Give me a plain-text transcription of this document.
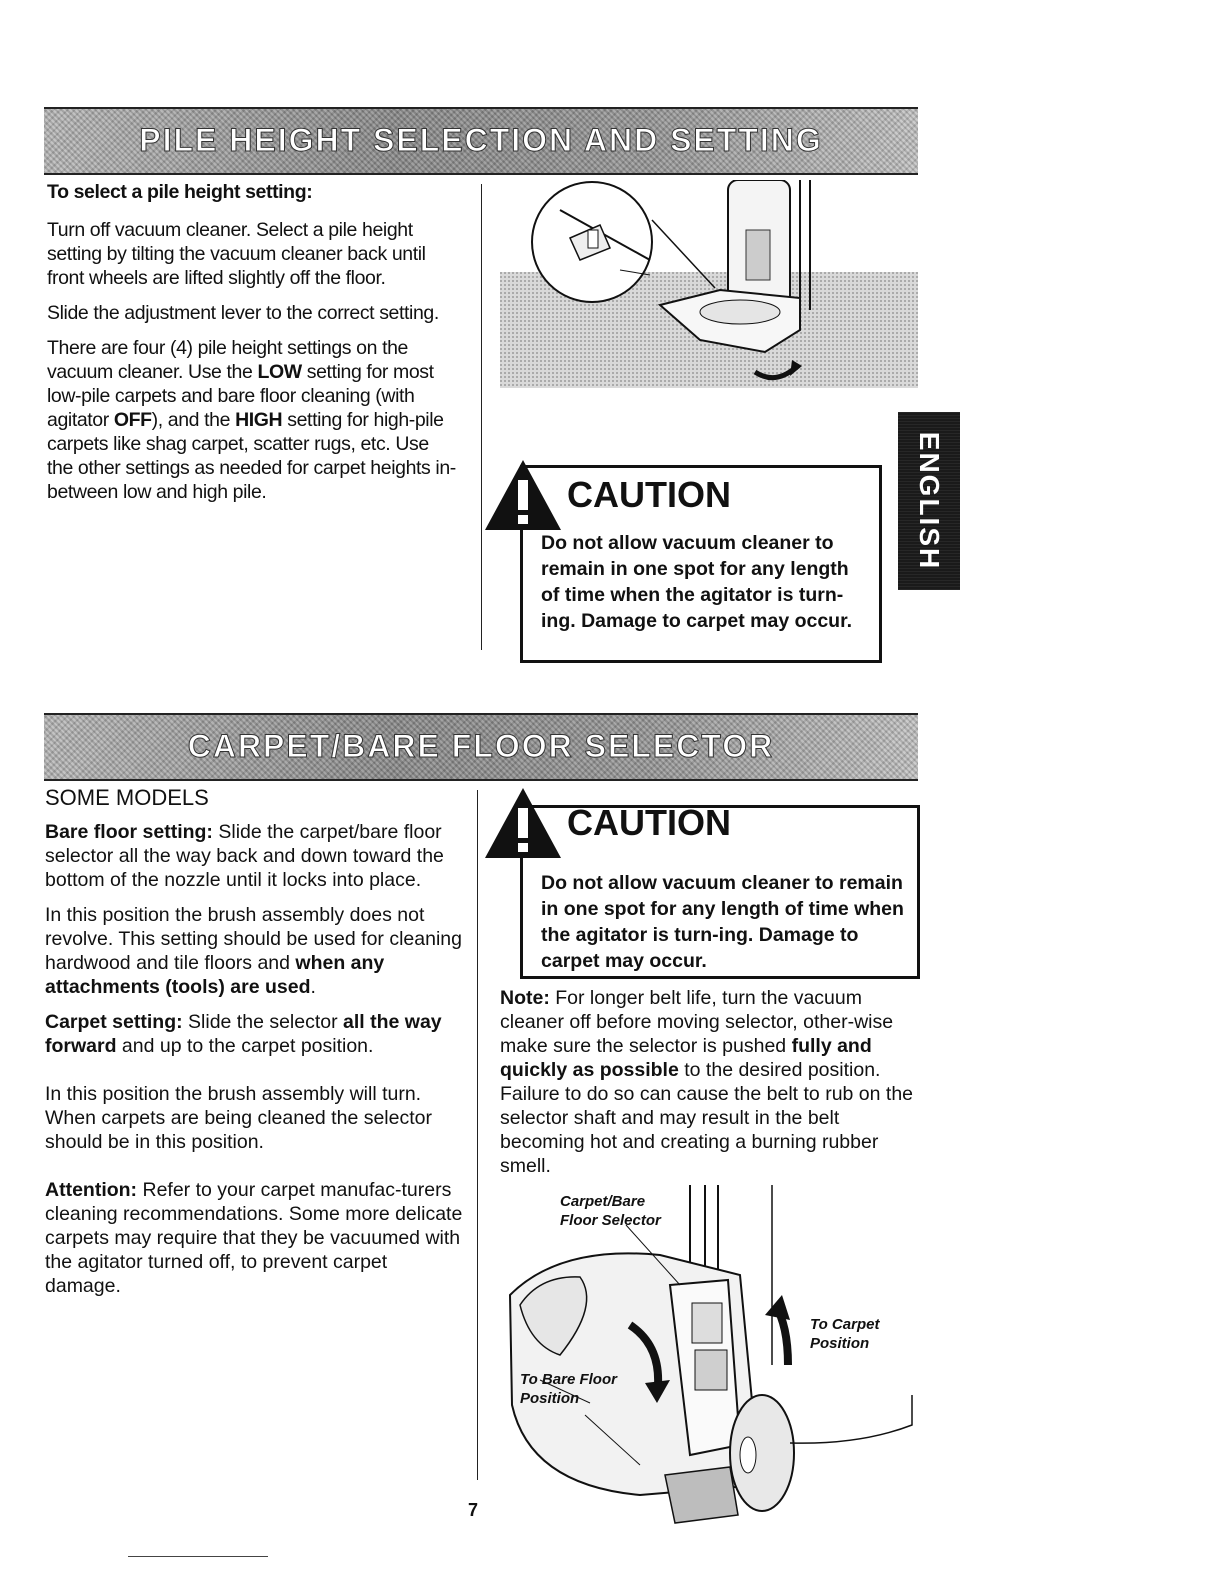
PILE HEIGHT SELECTION AND SETTING

To select a pile height setting:

Turn off vacuum cleaner. Select a pile height setting by tilting the vacuum cleaner back until front wheels are lifted slightly off the floor.

Slide the adjustment lever to the correct setting.

There are four (4) pile height settings on the vacuum cleaner. Use the LOW setting for most low-pile carpets and bare floor cleaning (with agitator OFF), and the HIGH setting for high-pile carpets like shag carpet, scatter rugs, etc. Use the other settings as needed for carpet heights in-between low and high pile.	CAUTION
Do not allow vacuum cleaner to remain in one spot for any length of time when the agitator is turn-ing. Damage to carpet may occur.
ENGLISH
CARPET/BARE FLOOR SELECTOR

SOME MODELS

Bare floor setting: Slide the carpet/bare floor selector all the way back and down toward the bottom of the nozzle until it locks into place.

In this position the brush assembly does not revolve. This setting should be used for cleaning hardwood and tile floors and when any attachments (tools) are used.

Carpet setting: Slide the selector all the way forward and up to the carpet position.

In this position the brush assembly will turn. When carpets are being cleaned the selector should be in this position.

Attention: Refer to your carpet manufac-turers cleaning recommendations. Some more delicate carpets may require that they be vacuumed with the agitator turned off, to prevent carpet damage.

CAUTION
Do not allow vacuum cleaner to remain in one spot for any length of time when the agitator is turn-ing. Damage to carpet may occur.

Note: For longer belt life, turn the vacuum cleaner off before moving selector, other-wise make sure the selector is pushed fully and quickly as possible to the desired position. Failure to do so can cause the belt to rub on the selector shaft and may result in the belt becoming hot and creating a burning rubber smell.

Carpet/Bare
Floor Selector
To Bare Floor
Position
To Carpet
Position
7
